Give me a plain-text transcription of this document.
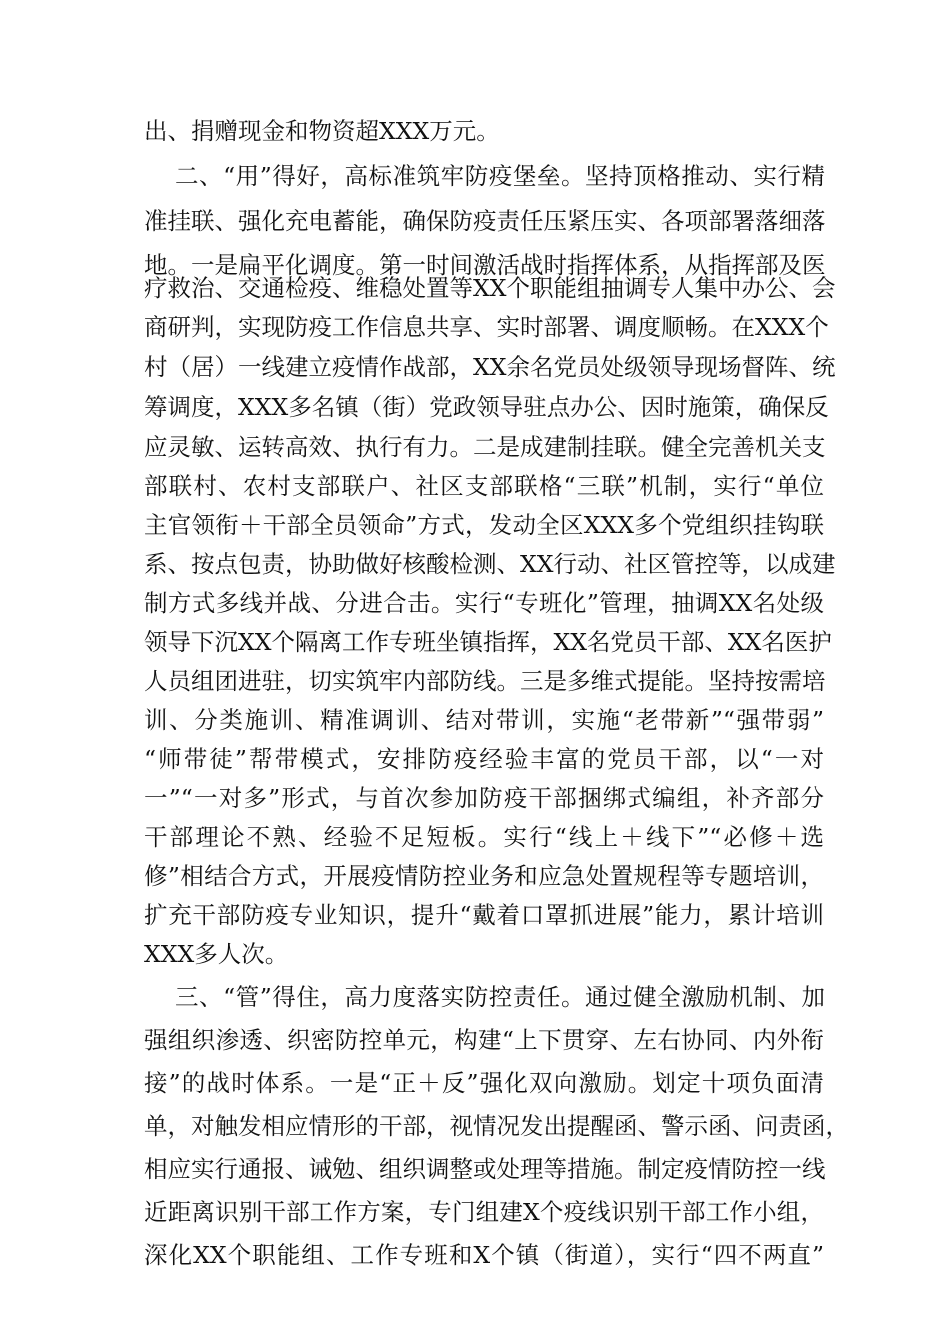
出、捐赠现金和物资超XXX万元。
二、“用”得好，高标准筑牢防疫堡垒。坚持顶格推动、实行精
准挂联、强化充电蓄能，确保防疫责任压紧压实、各项部署落细落
地。一是扁平化调度。第一时间激活战时指挥体系，从指挥部及医
疗救治、交通检疫、维稳处置等XX个职能组抽调专人集中办公、会
商研判，实现防疫工作信息共享、实时部署、调度顺畅。在XXX个
村（居）一线建立疫情作战部，XX余名党员处级领导现场督阵、统
筹调度，XXX多名镇（街）党政领导驻点办公、因时施策，确保反
应灵敏、运转高效、执行有力。二是成建制挂联。健全完善机关支
部联村、农村支部联户、社区支部联格“三联”机制，实行“单位
主官领衔＋干部全员领命”方式，发动全区XXX多个党组织挂钩联
系、按点包责，协助做好核酸检测、XX行动、社区管控等，以成建
制方式多线并战、分进合击。实行“专班化”管理，抽调XX名处级
领导下沉XX个隔离工作专班坐镇指挥，XX名党员干部、XX名医护
人员组团进驻，切实筑牢内部防线。三是多维式提能。坚持按需培
训、分类施训、精准调训、结对带训，实施“老带新”“强带弱”
“师带徒”帮带模式，安排防疫经验丰富的党员干部，以“一对
一”“一对多”形式，与首次参加防疫干部捆绑式编组，补齐部分
干部理论不熟、经验不足短板。实行“线上＋线下”“必修＋选
修”相结合方式，开展疫情防控业务和应急处置规程等专题培训，
扩充干部防疫专业知识，提升“戴着口罩抓进展”能力，累计培训
XXX多人次。
三、“管”得住，高力度落实防控责任。通过健全激励机制、加
强组织渗透、织密防控单元，构建“上下贯穿、左右协同、内外衔
接”的战时体系。一是“正＋反”强化双向激励。划定十项负面清
单，对触发相应情形的干部，视情况发出提醒函、警示函、问责函，
相应实行通报、诫勉、组织调整或处理等措施。制定疫情防控一线
近距离识别干部工作方案，专门组建X个疫线识别干部工作小组，
深化XX个职能组、工作专班和X个镇（街道），实行“四不两直”
